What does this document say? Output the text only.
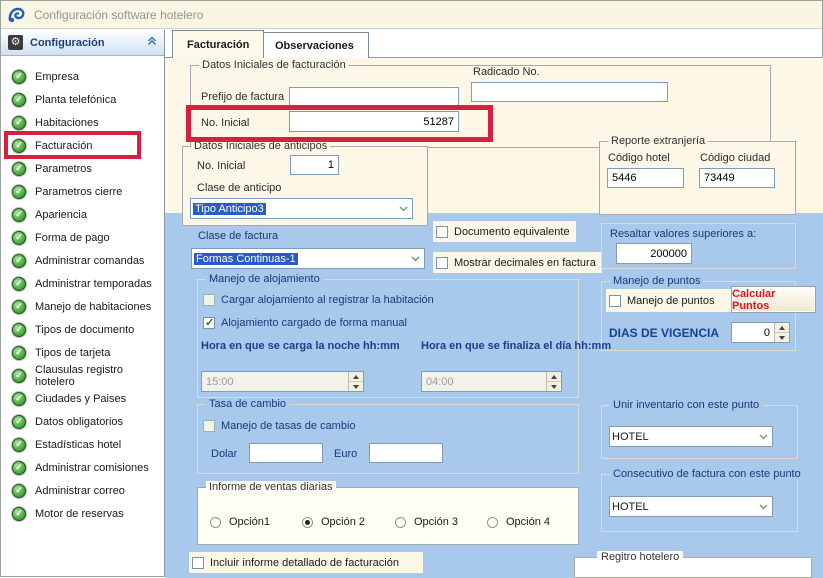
Configuración software hotelero
⚙ Configuración
✓
Empresa
✓
Planta telefónica
✓
Habitaciones
✓
Facturación
✓
Parametros
✓
Parametros cierre
✓
Apariencia
✓
Forma de pago
✓
Administrar comandas
✓
Administrar temporadas
✓
Manejo de habitaciones
✓
Tipos de documento
✓
Tipos de tarjeta
✓
Clausulas registro hotelero
✓
Ciudades y Paises
✓
Datos obligatorios
✓
Estadísticas hotel
✓
Administrar comisiones
✓
Administrar correo
✓
Motor de reservas
Facturación Observaciones
Datos Iniciales de facturación
Prefijo de factura
Radicado No.
No. Inicial	51287
Datos Iniciales de anticipos
No. Inicial	1
Clase de anticipo
Tipo Anticipo3
Reporte extranjería
Código hotel
5446
Código ciudad
73449
Clase de factura
Formas Continuas-1
Documento equivalente
Mostrar decimales en factura
Manejo de alojamiento
Cargar alojamiento al registrar la habitación
✓
Alojamiento cargado de forma manual
Hora en que se carga la noche hh:mm
15:00
Hora en que se finaliza el día hh:mm
04:00
Tasa de cambio
Manejo de tasas de cambio
Dolar	Euro
Informe de ventas diarias
Opción1	Opción 2	Opción 3	Opción 4
Incluir informe detallado de facturación	Regitro hotelero
Resaltar valores superiores a:
200000
Manejo de puntos
Manejo de puntos
Calcular Puntos
DIAS DE VIGENCIA	0
Unir inventario con este punto
HOTEL
Consecutivo de factura con este punto
HOTEL
